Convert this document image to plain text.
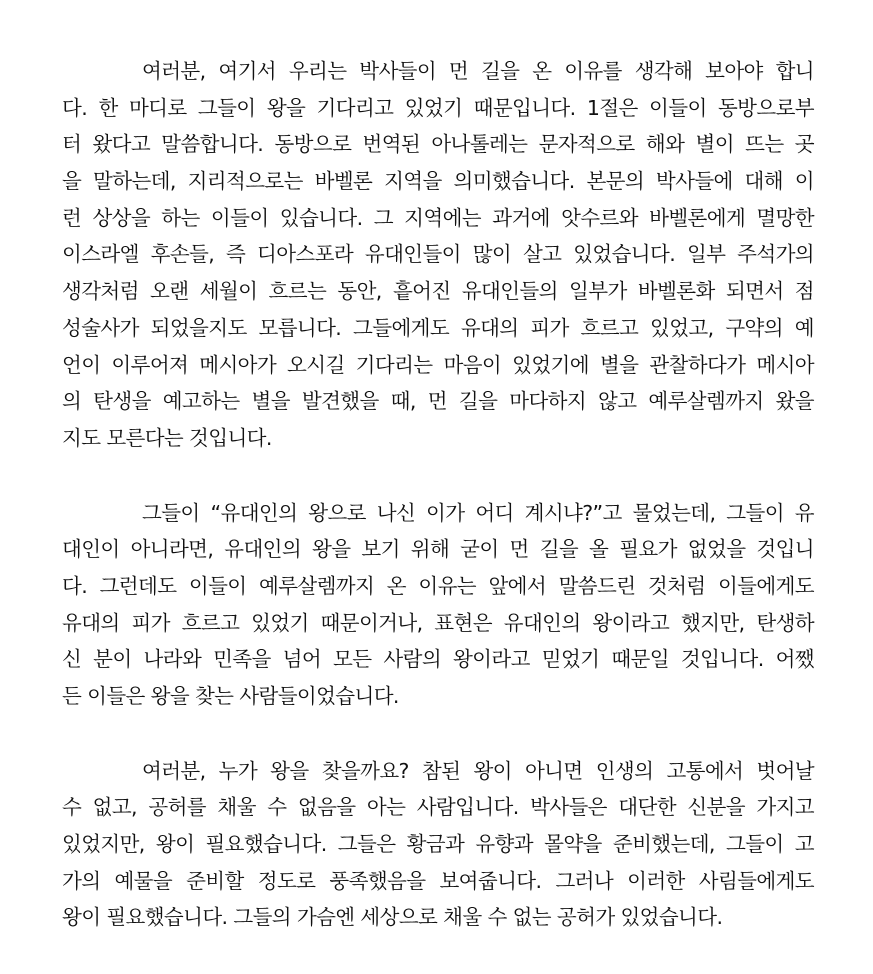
여러분, 여기서 우리는 박사들이 먼 길을 온 이유를 생각해 보아야 합니
다. 한 마디로 그들이 왕을 기다리고 있었기 때문입니다. 1절은 이들이 동방으로부
터 왔다고 말씀합니다. 동방으로 번역된 아나톨레는 문자적으로 해와 별이 뜨는 곳
을 말하는데, 지리적으로는 바벨론 지역을 의미했습니다. 본문의 박사들에 대해 이
런 상상을 하는 이들이 있습니다. 그 지역에는 과거에 앗수르와 바벨론에게 멸망한
이스라엘 후손들, 즉 디아스포라 유대인들이 많이 살고 있었습니다. 일부 주석가의
생각처럼 오랜 세월이 흐르는 동안, 흩어진 유대인들의 일부가 바벨론화 되면서 점
성술사가 되었을지도 모릅니다. 그들에게도 유대의 피가 흐르고 있었고, 구약의 예
언이 이루어져 메시아가 오시길 기다리는 마음이 있었기에 별을 관찰하다가 메시아
의 탄생을 예고하는 별을 발견했을 때, 먼 길을 마다하지 않고 예루살렘까지 왔을
지도 모른다는 것입니다.
그들이 “유대인의 왕으로 나신 이가 어디 계시냐?”고 물었는데, 그들이 유
대인이 아니라면, 유대인의 왕을 보기 위해 굳이 먼 길을 올 필요가 없었을 것입니
다. 그런데도 이들이 예루살렘까지 온 이유는 앞에서 말씀드린 것처럼 이들에게도
유대의 피가 흐르고 있었기 때문이거나, 표현은 유대인의 왕이라고 했지만, 탄생하
신 분이 나라와 민족을 넘어 모든 사람의 왕이라고 믿었기 때문일 것입니다. 어쨌
든 이들은 왕을 찾는 사람들이었습니다.
여러분, 누가 왕을 찾을까요? 참된 왕이 아니면 인생의 고통에서 벗어날
수 없고, 공허를 채울 수 없음을 아는 사람입니다. 박사들은 대단한 신분을 가지고
있었지만, 왕이 필요했습니다. 그들은 황금과 유향과 몰약을 준비했는데, 그들이 고
가의 예물을 준비할 정도로 풍족했음을 보여줍니다. 그러나 이러한 사림들에게도
왕이 필요했습니다. 그들의 가슴엔 세상으로 채울 수 없는 공허가 있었습니다.
